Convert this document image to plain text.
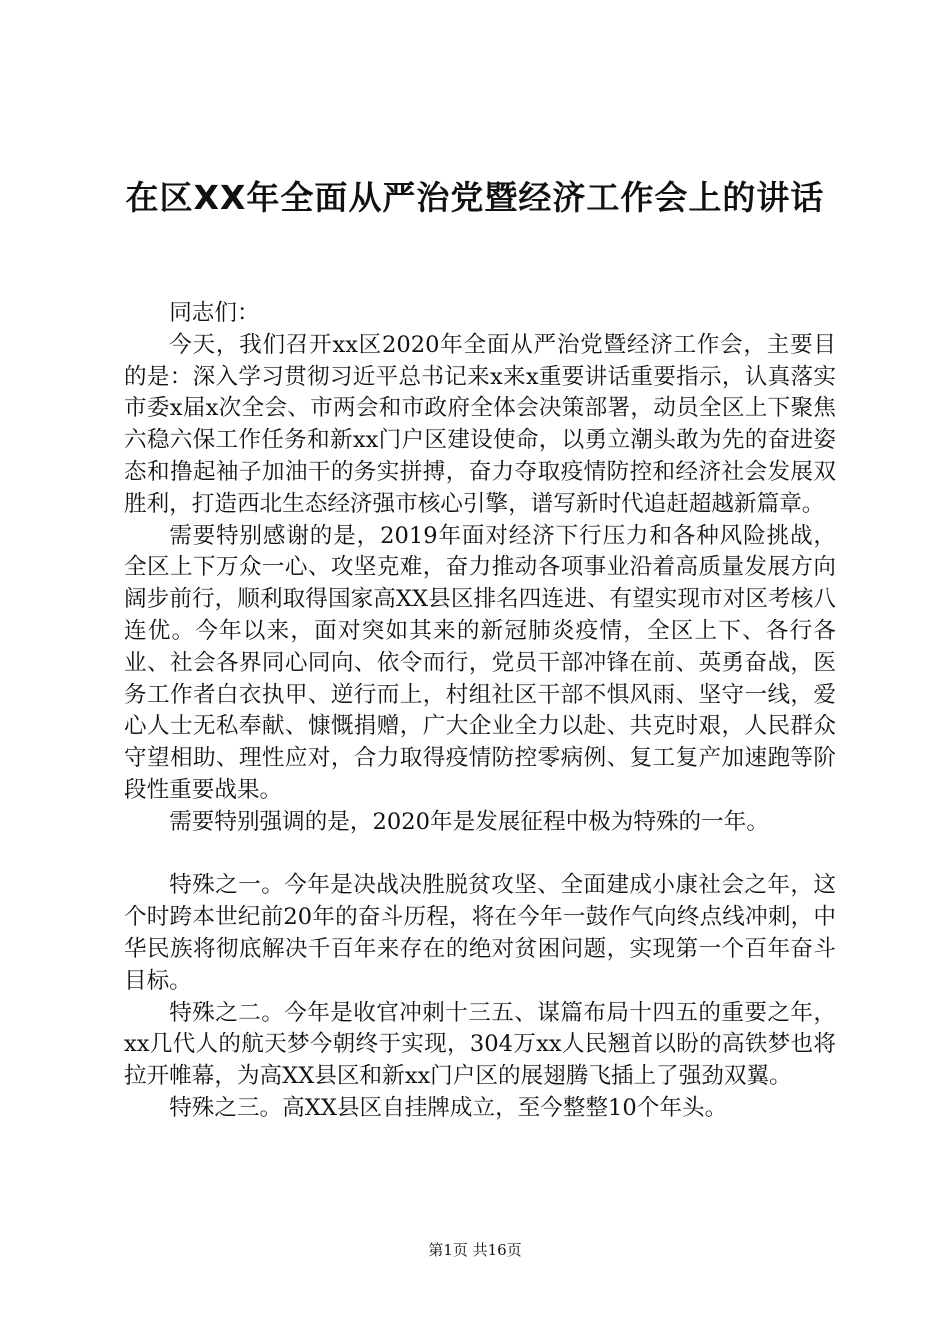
在区XX年全面从严治党暨经济工作会上的讲话

同志们：

今天，我们召开xx区2020年全面从严治党暨经济工作会，主要目的是：深入学习贯彻习近平总书记来x来x重要讲话重要指示，认真落实市委x届x次全会、市两会和市政府全体会决策部署，动员全区上下聚焦六稳六保工作任务和新xx门户区建设使命，以勇立潮头敢为先的奋进姿态和撸起袖子加油干的务实拼搏，奋力夺取疫情防控和经济社会发展双胜利，打造西北生态经济强市核心引擎，谱写新时代追赶超越新篇章。

需要特别感谢的是，2019年面对经济下行压力和各种风险挑战，全区上下万众一心、攻坚克难，奋力推动各项事业沿着高质量发展方向阔步前行，顺利取得国家高XX县区排名四连进、有望实现市对区考核八连优。今年以来，面对突如其来的新冠肺炎疫情，全区上下、各行各业、社会各界同心同向、依令而行，党员干部冲锋在前、英勇奋战，医务工作者白衣执甲、逆行而上，村组社区干部不惧风雨、坚守一线，爱心人士无私奉献、慷慨捐赠，广大企业全力以赴、共克时艰，人民群众守望相助、理性应对，合力取得疫情防控零病例、复工复产加速跑等阶段性重要战果。

需要特别强调的是，2020年是发展征程中极为特殊的一年。

特殊之一。今年是决战决胜脱贫攻坚、全面建成小康社会之年，这个时跨本世纪前20年的奋斗历程，将在今年一鼓作气向终点线冲刺，中华民族将彻底解决千百年来存在的绝对贫困问题，实现第一个百年奋斗目标。

特殊之二。今年是收官冲刺十三五、谋篇布局十四五的重要之年，xx几代人的航天梦今朝终于实现，304万xx人民翘首以盼的高铁梦也将拉开帷幕，为高XX县区和新xx门户区的展翅腾飞插上了强劲双翼。

特殊之三。高XX县区自挂牌成立，至今整整10个年头。

第1页 共16页
